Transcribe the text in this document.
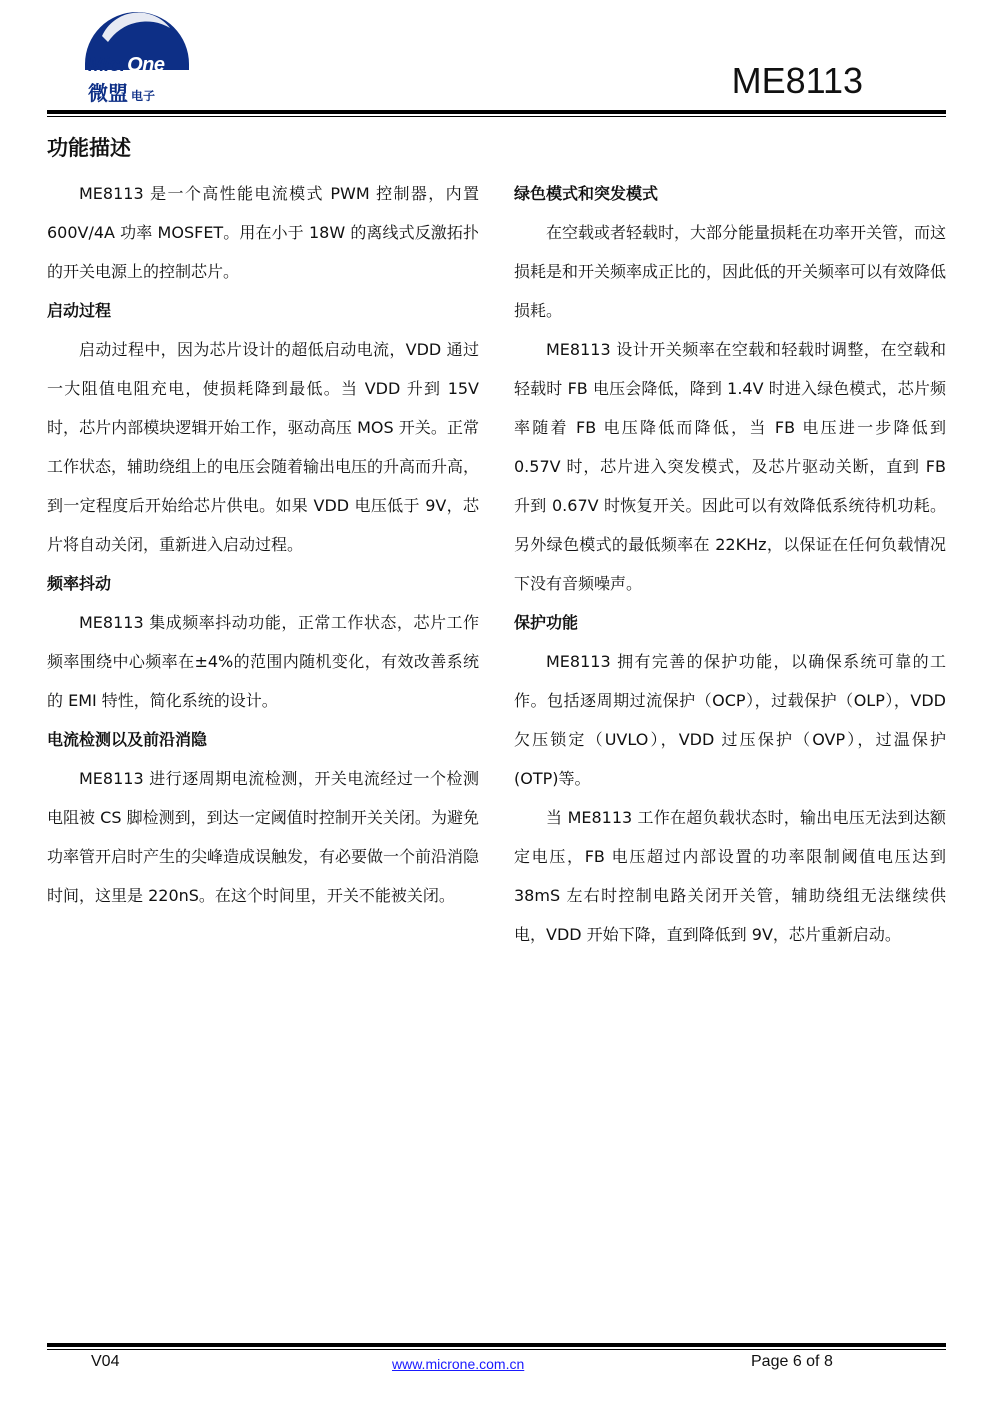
MicrOne
微盟 电子	ME8113
功能描述

ME8113 是一个高性能电流模式 PWM 控制器，内置 600V/4A 功率 MOSFET。用在小于 18W 的离线式反激拓扑的开关电源上的控制芯片。

启动过程

启动过程中，因为芯片设计的超低启动电流，VDD 通过一大阻值电阻充电，使损耗降到最低。当 VDD 升到 15V 时，芯片内部模块逻辑开始工作，驱动高压 MOS 开关。正常工作状态，辅助绕组上的电压会随着输出电压的升高而升高，到一定程度后开始给芯片供电。如果 VDD 电压低于 9V，芯片将自动关闭，重新进入启动过程。

频率抖动

ME8113 集成频率抖动功能，正常工作状态，芯片工作频率围绕中心频率在±4%的范围内随机变化，有效改善系统的 EMI 特性，简化系统的设计。

电流检测以及前沿消隐

ME8113 进行逐周期电流检测，开关电流经过一个检测电阻被 CS 脚检测到，到达一定阈值时控制开关关闭。为避免功率管开启时产生的尖峰造成误触发，有必要做一个前沿消隐时间，这里是 220nS。在这个时间里，开关不能被关闭。

绿色模式和突发模式

在空载或者轻载时，大部分能量损耗在功率开关管，而这损耗是和开关频率成正比的，因此低的开关频率可以有效降低损耗。

ME8113 设计开关频率在空载和轻载时调整，在空载和轻载时 FB 电压会降低，降到 1.4V 时进入绿色模式，芯片频率随着 FB 电压降低而降低，当 FB 电压进一步降低到 0.57V 时，芯片进入突发模式，及芯片驱动关断，直到 FB 升到 0.67V 时恢复开关。因此可以有效降低系统待机功耗。另外绿色模式的最低频率在 22KHz，以保证在任何负载情况下没有音频噪声。

保护功能

ME8113 拥有完善的保护功能，以确保系统可靠的工作。包括逐周期过流保护（OCP），过载保护（OLP），VDD 欠压锁定（UVLO），VDD 过压保护（OVP），过温保护(OTP)等。

当 ME8113 工作在超负载状态时，输出电压无法到达额定电压，FB 电压超过内部设置的功率限制阈值电压达到 38mS 左右时控制电路关闭开关管，辅助绕组无法继续供电，VDD 开始下降，直到降低到 9V，芯片重新启动。

V04	www.microne.com.cn	Page 6 of 8
